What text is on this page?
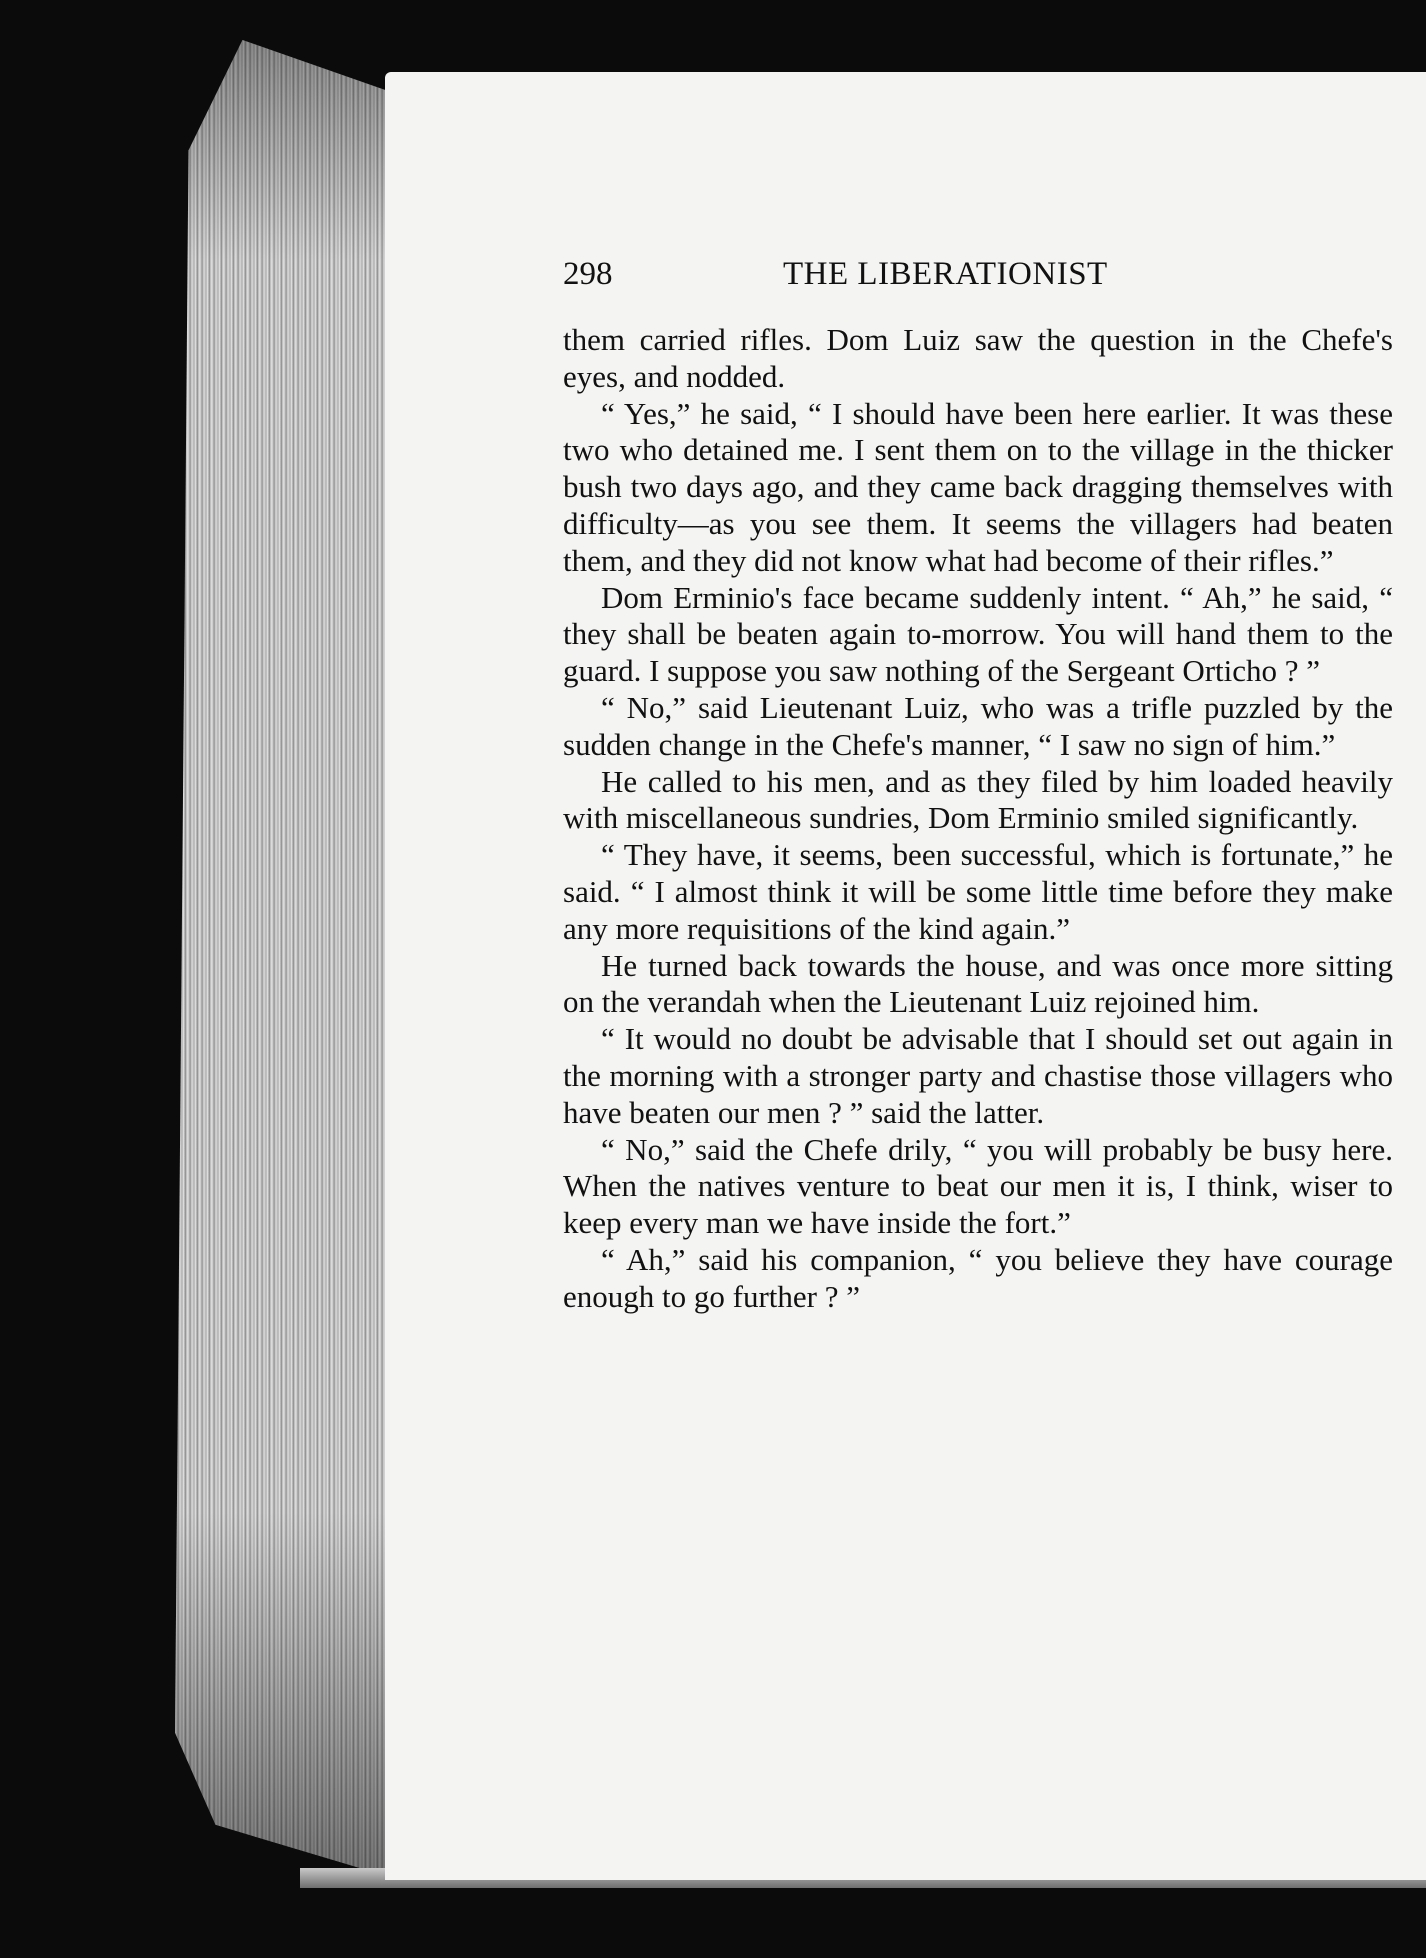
298	THE LIBERATIONIST

them carried rifles. Dom Luiz saw the question in the Chefe's eyes, and nodded.

“ Yes,” he said, “ I should have been here earlier. It was these two who detained me. I sent them on to the village in the thicker bush two days ago, and they came back dragging themselves with difficulty—as you see them. It seems the villagers had beaten them, and they did not know what had become of their rifles.”

Dom Erminio's face became suddenly intent. “ Ah,” he said, “ they shall be beaten again to-morrow. You will hand them to the guard. I suppose you saw nothing of the Sergeant Orticho ? ”

“ No,” said Lieutenant Luiz, who was a trifle puzzled by the sudden change in the Chefe's manner, “ I saw no sign of him.”

He called to his men, and as they filed by him loaded heavily with miscellaneous sundries, Dom Erminio smiled significantly.

“ They have, it seems, been successful, which is fortunate,” he said. “ I almost think it will be some little time before they make any more requisitions of the kind again.”

He turned back towards the house, and was once more sitting on the verandah when the Lieutenant Luiz rejoined him.

“ It would no doubt be advisable that I should set out again in the morning with a stronger party and chastise those villagers who have beaten our men ? ” said the latter.

“ No,” said the Chefe drily, “ you will probably be busy here. When the natives venture to beat our men it is, I think, wiser to keep every man we have inside the fort.”

“ Ah,” said his companion, “ you believe they have courage enough to go further ? ”
